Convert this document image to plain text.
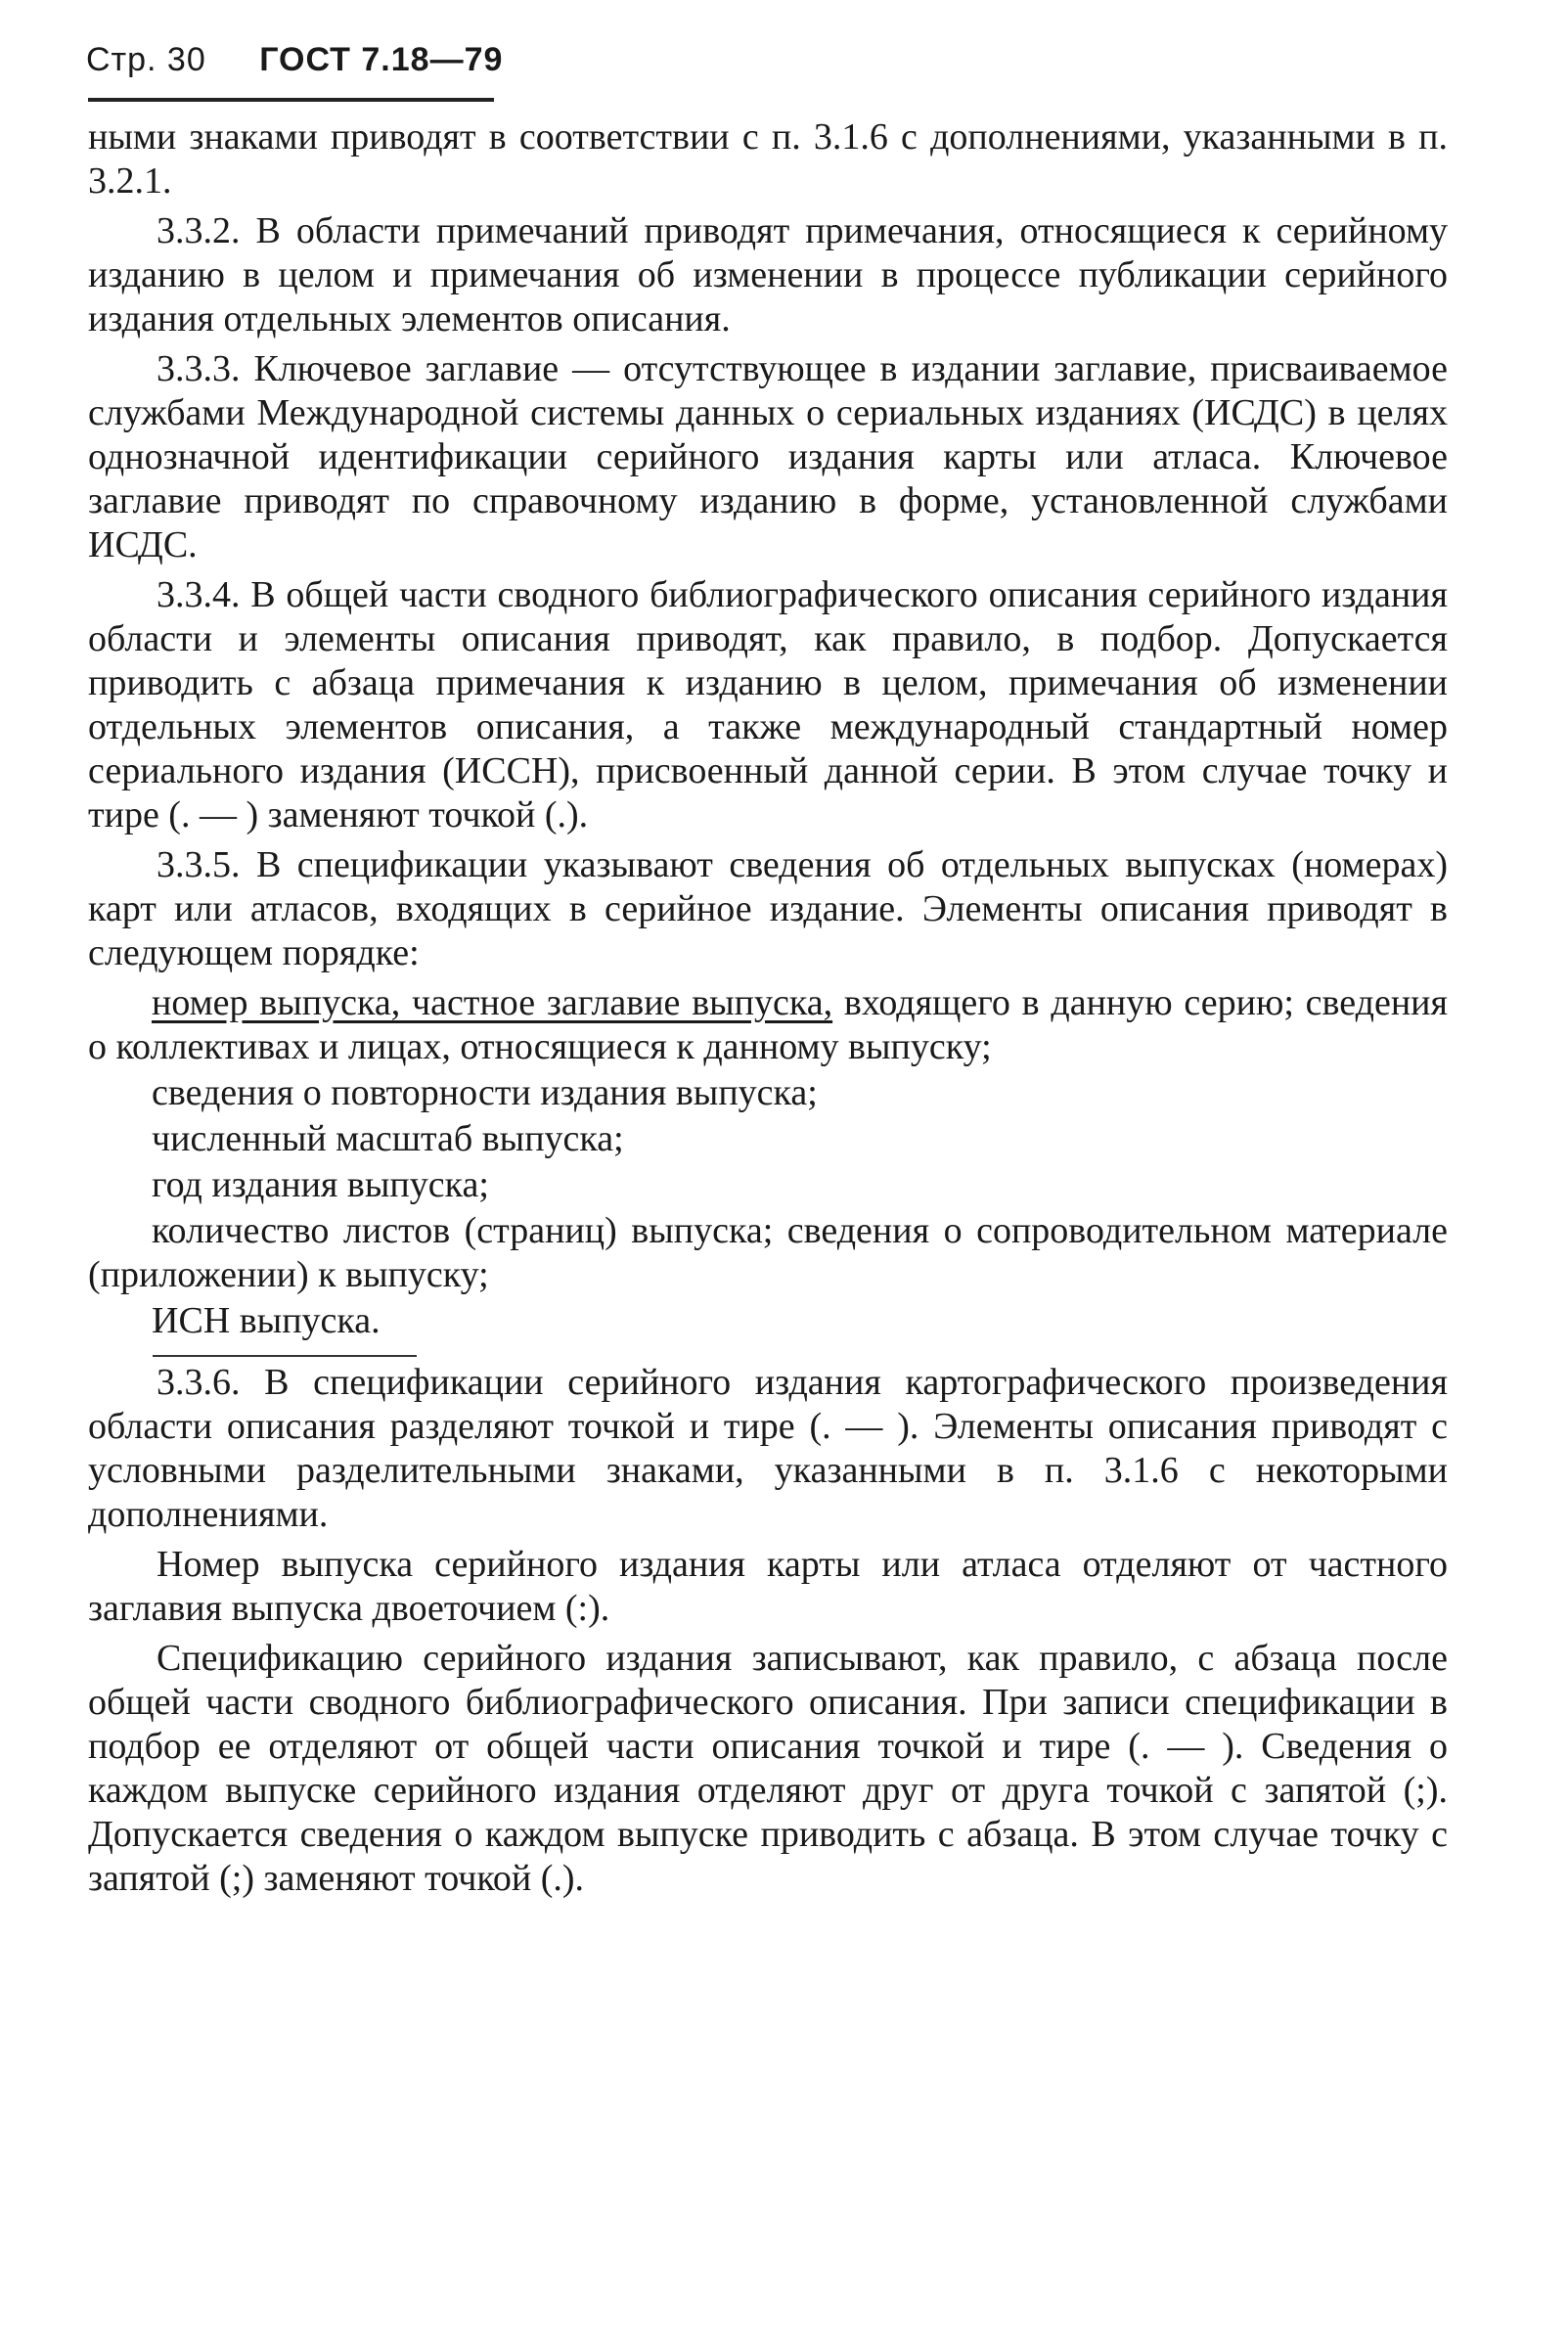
Стр. 30 ГОСТ 7.18—79

ными знаками приводят в соответствии с п. 3.1.6 с дополнениями, указанными в п. 3.2.1.

3.3.2. В области примечаний приводят примечания, относящиеся к серийному изданию в целом и примечания об изменении в процессе публикации серийного издания отдельных элементов описания.

3.3.3. Ключевое заглавие — отсутствующее в издании заглавие, присваиваемое службами Международной системы данных о сериальных изданиях (ИСДС) в целях однозначной идентификации серийного издания карты или атласа. Ключевое заглавие приводят по справочному изданию в форме, установленной службами ИСДС.

3.3.4. В общей части сводного библиографического описания серийного издания области и элементы описания приводят, как правило, в подбор. Допускается приводить с абзаца примечания к изданию в целом, примечания об изменении отдельных элементов описания, а также международный стандартный номер сериального издания (ИССН), присвоенный данной серии. В этом случае точку и тире (. — ) заменяют точкой (.).

3.3.5. В спецификации указывают сведения об отдельных выпусках (номерах) карт или атласов, входящих в серийное издание. Элементы описания приводят в следующем порядке:

номер выпуска, частное заглавие выпуска, входящего в данную серию; сведения о коллективах и лицах, относящиеся к данному выпуску;

сведения о повторности издания выпуска;

численный масштаб выпуска;

год издания выпуска;

количество листов (страниц) выпуска; сведения о сопроводительном материале (приложении) к выпуску;

ИСН выпуска.

3.3.6. В спецификации серийного издания картографического произведения области описания разделяют точкой и тире (. — ). Элементы описания приводят с условными разделительными знаками, указанными в п. 3.1.6 с некоторыми дополнениями.

Номер выпуска серийного издания карты или атласа отделяют от частного заглавия выпуска двоеточием (:).

Спецификацию серийного издания записывают, как правило, с абзаца после общей части сводного библиографического описания. При записи спецификации в подбор ее отделяют от общей части описания точкой и тире (. — ). Сведения о каждом выпуске серийного издания отделяют друг от друга точкой с запятой (;). Допускается сведения о каждом выпуске приводить с абзаца. В этом случае точку с запятой (;) заменяют точкой (.).
